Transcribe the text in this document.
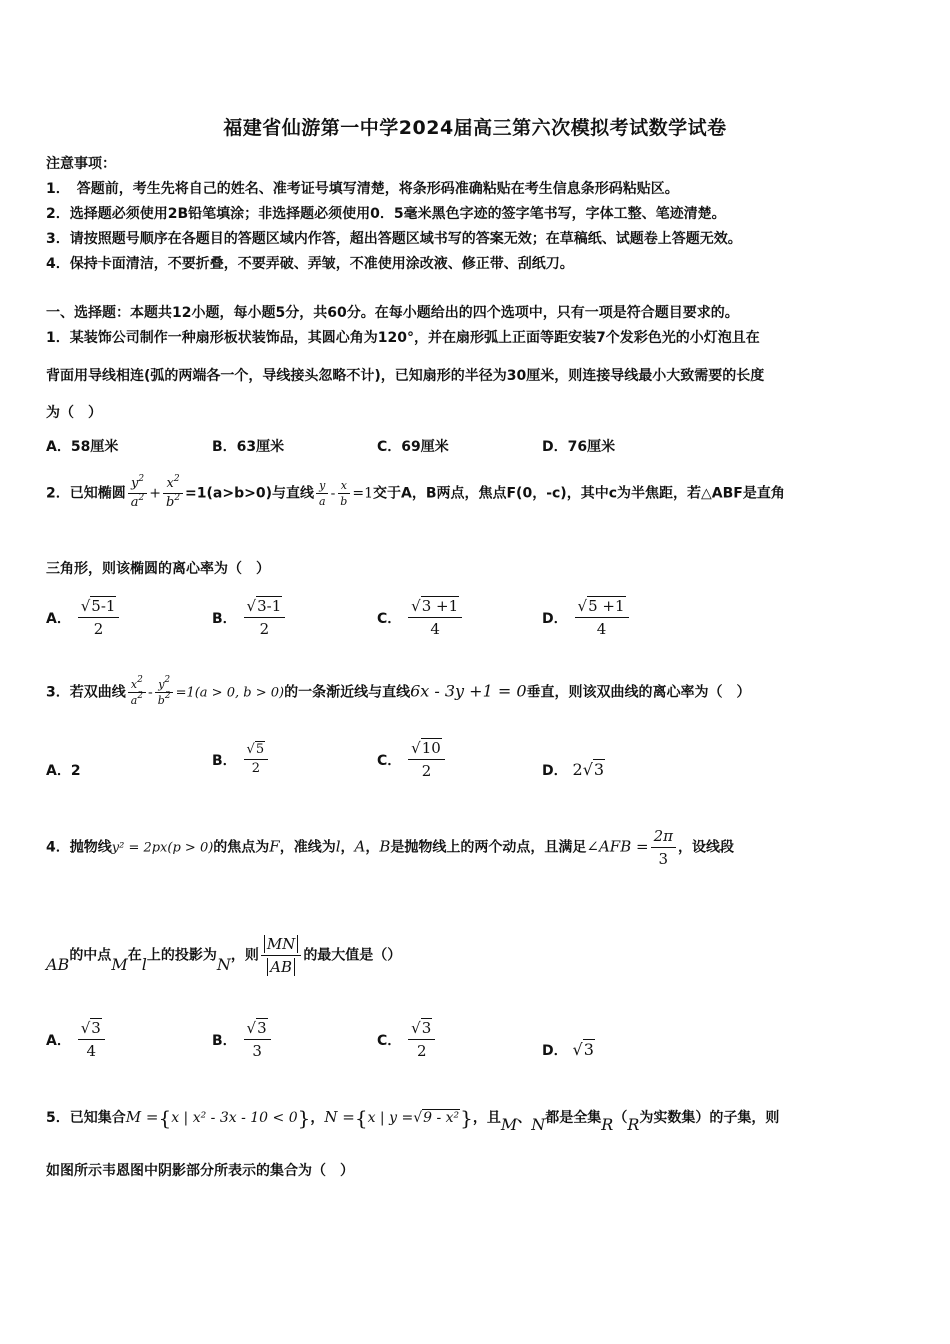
福建省仙游第一中学2024届高三第六次模拟考试数学试卷
注意事项：
1．　答题前，考生先将自己的姓名、准考证号填写清楚，将条形码准确粘贴在考生信息条形码粘贴区。
2．选择题必须使用2B铅笔填涂；非选择题必须使用0．5毫米黑色字迹的签字笔书写，字体工整、笔迹清楚。
3．请按照题号顺序在各题目的答题区域内作答，超出答题区域书写的答案无效；在草稿纸、试题卷上答题无效。
4．保持卡面清洁，不要折叠，不要弄破、弄皱，不准使用涂改液、修正带、刮纸刀。
一、选择题：本题共12小题，每小题5分，共60分。在每小题给出的四个选项中，只有一项是符合题目要求的。
1．某装饰公司制作一种扇形板状装饰品，其圆心角为120°，并在扇形弧上正面等距安装7个发彩色光的小灯泡且在
背面用导线相连(弧的两端各一个，导线接头忽略不计)，已知扇形的半径为30厘米，则连接导线最小大致需要的长度
为（　）
A．58厘米	B．63厘米	C．69厘米	D．76厘米
2．已知椭圆 $\frac{y^2}{a^2} + \frac{x^2}{b^2} =1(a>b>0)$与直线 $\frac{y}{a} - \frac{x}{b} =1$交于A，B两点，焦点F(0，-c)，其中c为半焦距，若△ABF是直角
三角形，则该椭圆的离心率为（　）
A． $\frac{√5-1}{2}$	B． $\frac{√3-1}{2}$	C． $\frac{√3 +1}{4}$	D． $\frac{√5 +1}{4}$
3．若双曲线 $\frac{x^2}{a^2} - \frac{y^2}{b^2} =1(a > 0$, b > 0)的一条渐近线与直线6x - 3y +1 = 0垂直，则该双曲线的离心率为（　）
A．2
B． $\frac{√5}{2}$	C． $\frac{√10}{2}$	D． 2√3
4．抛物线y² = 2px(p > 0)的焦点为F，准线为l，A，B是抛物线上的两个动点，且满足∠AFB = $\frac{2\pi}{3}$ ，设线段
AB的中点M在l上的投影为N，则 $\frac{MN}{AB}$ 的最大值是（）
A． $\frac{√3}{4}$	B． $\frac{√3}{3}$	C． $\frac{√3}{2}$	D． √3
5．已知集合M ={x | x² - 3x - 10 < 0}，N ={x | y =√9 - x²}，且M、N都是全集R（R为实数集）的子集，则
如图所示韦恩图中阴影部分所表示的集合为（　）
